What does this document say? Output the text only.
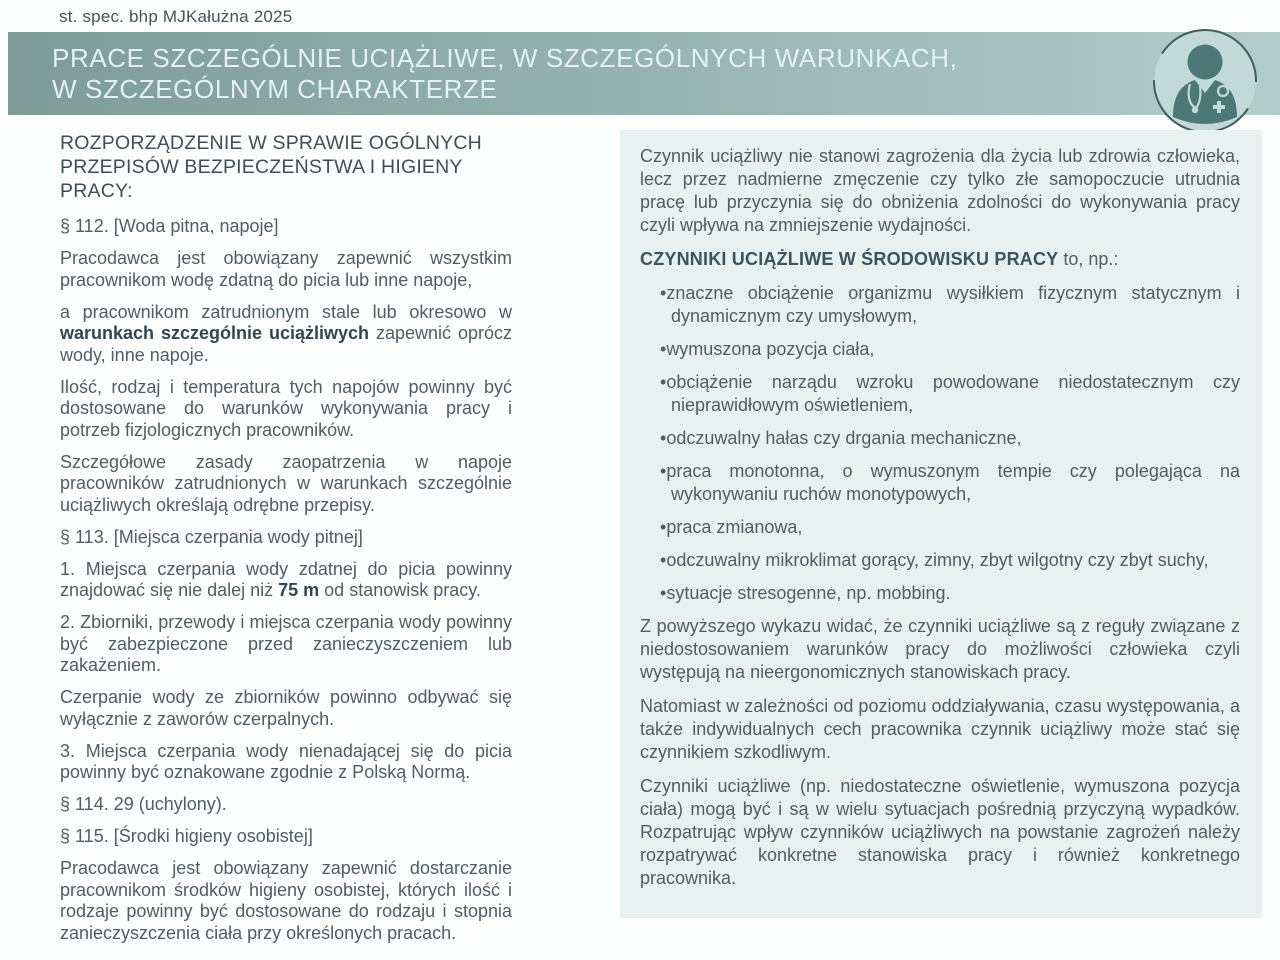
st. spec. bhp MJKałużna 2025
PRACE SZCZEGÓLNIE UCIĄŻLIWE, W SZCZEGÓLNYCH WARUNKACH,
W SZCZEGÓLNYM CHARAKTERZE
ROZPORZĄDZENIE W SPRAWIE OGÓLNYCH
PRZEPISÓW BEZPIECZEŃSTWA I HIGIENY PRACY:

§ 112. [Woda pitna, napoje]

Pracodawca jest obowiązany zapewnić wszystkim pracownikom wodę zdatną do picia lub inne napoje,

a pracownikom zatrudnionym stale lub okresowo w warunkach szczególnie uciążliwych zapewnić oprócz wody, inne napoje.

Ilość, rodzaj i temperatura tych napojów powinny być dostosowane do warunków wykonywania pracy i potrzeb fizjologicznych pracowników.

Szczegółowe zasady zaopatrzenia w napoje pracowników zatrudnionych w warunkach szczególnie uciążliwych określają odrębne przepisy.

§ 113. [Miejsca czerpania wody pitnej]

1. Miejsca czerpania wody zdatnej do picia powinny znajdować się nie dalej niż 75 m od stanowisk pracy.

2. Zbiorniki, przewody i miejsca czerpania wody powinny być zabezpieczone przed zanieczyszczeniem lub zakażeniem.

Czerpanie wody ze zbiorników powinno odbywać się wyłącznie z zaworów czerpalnych.

3. Miejsca czerpania wody nienadającej się do picia powinny być oznakowane zgodnie z Polską Normą.

§ 114. 29 (uchylony).

§ 115. [Środki higieny osobistej]

Pracodawca jest obowiązany zapewnić dostarczanie pracownikom środków higieny osobistej, których ilość i rodzaje powinny być dostosowane do rodzaju i stopnia zanieczyszczenia ciała przy określonych pracach.

Czynnik uciążliwy nie stanowi zagrożenia dla życia lub zdrowia człowieka, lecz przez nadmierne zmęczenie czy tylko złe samopoczucie utrudnia pracę lub przyczynia się do obniżenia zdolności do wykonywania pracy czyli wpływa na zmniejszenie wydajności.

CZYNNIKI UCIĄŻLIWE W ŚRODOWISKU PRACY to, np.:

• znaczne obciążenie organizmu wysiłkiem fizycznym statycznym i dynamicznym czy umysłowym,
• wymuszona pozycja ciała,
• obciążenie narządu wzroku powodowane niedostatecznym czy nieprawidłowym oświetleniem,
• odczuwalny hałas czy drgania mechaniczne,
• praca monotonna, o wymuszonym tempie czy polegająca na wykonywaniu ruchów monotypowych,
• praca zmianowa,
• odczuwalny mikroklimat gorący, zimny, zbyt wilgotny czy zbyt suchy,
• sytuacje stresogenne, np. mobbing.

Z powyższego wykazu widać, że czynniki uciążliwe są z reguły związane z niedostosowaniem warunków pracy do możliwości człowieka czyli występują na nieergonomicznych stanowiskach pracy.

Natomiast w zależności od poziomu oddziaływania, czasu występowania, a także indywidualnych cech pracownika czynnik uciążliwy może stać się czynnikiem szkodliwym.

Czynniki uciążliwe (np. niedostateczne oświetlenie, wymuszona pozycja ciała) mogą być i są w wielu sytuacjach pośrednią przyczyną wypadków. Rozpatrując wpływ czynników uciążliwych na powstanie zagrożeń należy rozpatrywać konkretne stanowiska pracy i również konkretnego pracownika.
